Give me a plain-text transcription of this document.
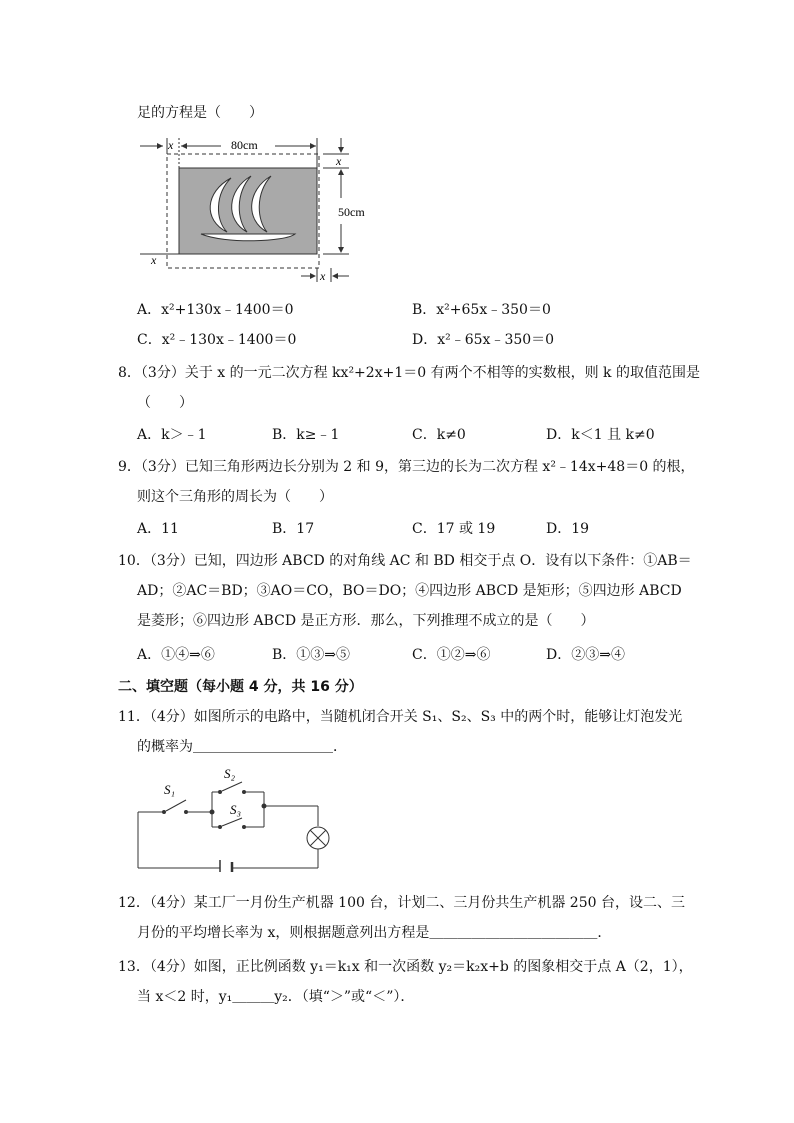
足的方程是（　　）
x	80cm
x
50cm
x
x
A．x²+130x﹣1400＝0	B．x²+65x﹣350＝0
C．x²﹣130x﹣1400＝0	D．x²﹣65x﹣350＝0
8．（3分）关于 x 的一元二次方程 kx²+2x+1＝0 有两个不相等的实数根，则 k 的取值范围是
（　　）
A．k＞﹣1	B．k≥﹣1	C．k≠0	D．k＜1 且 k≠0
9．（3分）已知三角形两边长分别为 2 和 9，第三边的长为二次方程 x²﹣14x+48＝0 的根，
则这个三角形的周长为（　　）
A．11	B．17	C．17 或 19	D．19
10．（3分）已知，四边形 ABCD 的对角线 AC 和 BD 相交于点 O．设有以下条件：①AB＝
AD；②AC＝BD；③AO＝CO，BO＝DO；④四边形 ABCD 是矩形；⑤四边形 ABCD
是菱形；⑥四边形 ABCD 是正方形．那么，下列推理不成立的是（　　）
A．①④⇒⑥	B．①③⇒⑤	C．①②⇒⑥	D．②③⇒④
二、填空题（每小题 4 分，共 16 分）
11．（4分）如图所示的电路中，当随机闭合开关 S₁、S₂、S₃ 中的两个时，能够让灯泡发光
的概率为＿＿＿＿＿＿＿＿＿＿．
S₁
S₂
S₃
12．（4分）某工厂一月份生产机器 100 台，计划二、三月份共生产机器 250 台，设二、三
月份的平均增长率为 x，则根据题意列出方程是＿＿＿＿＿＿＿＿＿＿＿＿．
13．（4分）如图，正比例函数 y₁＝k₁x 和一次函数 y₂＝k₂x+b 的图象相交于点 A（2，1），
当 x＜2 时，y₁＿＿＿y₂．（填“＞”或“＜”）．
